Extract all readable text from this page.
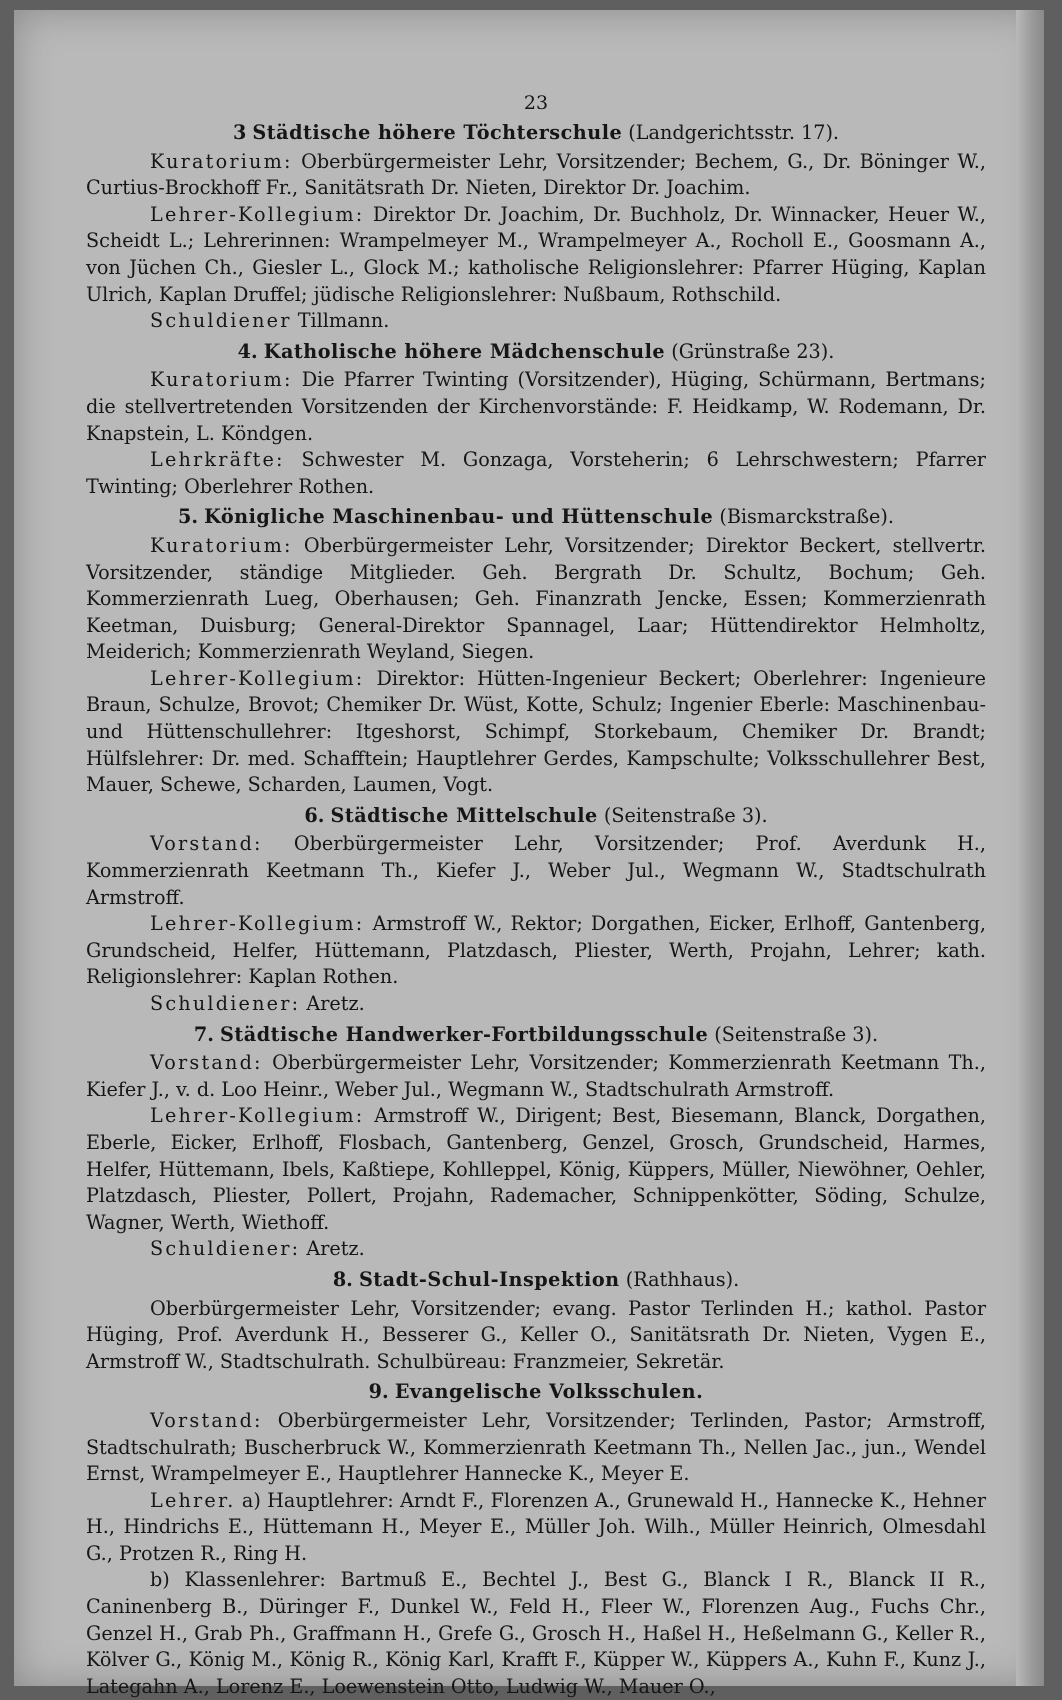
23
3 Städtische höhere Töchterschule (Landgerichtsstr. 17).

Kuratorium: Oberbürgermeister Lehr, Vorsitzender; Bechem, G., Dr. Böninger W., Curtius-Brockhoff Fr., Sanitätsrath Dr. Nieten, Direktor Dr. Joachim.

Lehrer-Kollegium: Direktor Dr. Joachim, Dr. Buchholz, Dr. Winnacker, Heuer W., Scheidt L.; Lehrerinnen: Wrampelmeyer M., Wrampelmeyer A., Rocholl E., Goosmann A., von Jüchen Ch., Giesler L., Glock M.; katholische Religionslehrer: Pfarrer Hüging, Kaplan Ulrich, Kaplan Druffel; jüdische Religionslehrer: Nußbaum, Rothschild.

Schuldiener Tillmann.

4. Katholische höhere Mädchenschule (Grünstraße 23).

Kuratorium: Die Pfarrer Twinting (Vorsitzender), Hüging, Schürmann, Bertmans; die stellvertretenden Vorsitzenden der Kirchenvorstände: F. Heidkamp, W. Rodemann, Dr. Knapstein, L. Köndgen.

Lehrkräfte: Schwester M. Gonzaga, Vorsteherin; 6 Lehrschwestern; Pfarrer Twinting; Oberlehrer Rothen.

5. Königliche Maschinenbau- und Hüttenschule (Bismarckstraße).

Kuratorium: Oberbürgermeister Lehr, Vorsitzender; Direktor Beckert, stellvertr. Vorsitzender, ständige Mitglieder. Geh. Bergrath Dr. Schultz, Bochum; Geh. Kommerzienrath Lueg, Oberhausen; Geh. Finanzrath Jencke, Essen; Kommerzienrath Keetman, Duisburg; General-Direktor Spannagel, Laar; Hüttendirektor Helmholtz, Meiderich; Kommerzienrath Weyland, Siegen.

Lehrer-Kollegium: Direktor: Hütten-Ingenieur Beckert; Oberlehrer: Ingenieure Braun, Schulze, Brovot; Chemiker Dr. Wüst, Kotte, Schulz; Ingenier Eberle: Maschinenbau- und Hüttenschullehrer: Itgeshorst, Schimpf, Storkebaum, Chemiker Dr. Brandt; Hülfslehrer: Dr. med. Schafftein; Hauptlehrer Gerdes, Kampschulte; Volksschullehrer Best, Mauer, Schewe, Scharden, Laumen, Vogt.

6. Städtische Mittelschule (Seitenstraße 3).

Vorstand: Oberbürgermeister Lehr, Vorsitzender; Prof. Averdunk H., Kommerzienrath Keetmann Th., Kiefer J., Weber Jul., Wegmann W., Stadtschulrath Armstroff.

Lehrer-Kollegium: Armstroff W., Rektor; Dorgathen, Eicker, Erlhoff, Gantenberg, Grundscheid, Helfer, Hüttemann, Platzdasch, Pliester, Werth, Projahn, Lehrer; kath. Religionslehrer: Kaplan Rothen.

Schuldiener: Aretz.

7. Städtische Handwerker-Fortbildungsschule (Seitenstraße 3).

Vorstand: Oberbürgermeister Lehr, Vorsitzender; Kommerzienrath Keetmann Th., Kiefer J., v. d. Loo Heinr., Weber Jul., Wegmann W., Stadtschulrath Armstroff.

Lehrer-Kollegium: Armstroff W., Dirigent; Best, Biesemann, Blanck, Dorgathen, Eberle, Eicker, Erlhoff, Flosbach, Gantenberg, Genzel, Grosch, Grundscheid, Harmes, Helfer, Hüttemann, Ibels, Kaßtiepe, Kohlleppel, König, Küppers, Müller, Niewöhner, Oehler, Platzdasch, Pliester, Pollert, Projahn, Rademacher, Schnippenkötter, Söding, Schulze, Wagner, Werth, Wiethoff.

Schuldiener: Aretz.

8. Stadt-Schul-Inspektion (Rathhaus).

Oberbürgermeister Lehr, Vorsitzender; evang. Pastor Terlinden H.; kathol. Pastor Hüging, Prof. Averdunk H., Besserer G., Keller O., Sanitätsrath Dr. Nieten, Vygen E., Armstroff W., Stadtschulrath. Schulbüreau: Franzmeier, Sekretär.

9. Evangelische Volksschulen.

Vorstand: Oberbürgermeister Lehr, Vorsitzender; Terlinden, Pastor; Armstroff, Stadtschulrath; Buscherbruck W., Kommerzienrath Keetmann Th., Nellen Jac., jun., Wendel Ernst, Wrampelmeyer E., Hauptlehrer Hannecke K., Meyer E.

Lehrer. a) Hauptlehrer: Arndt F., Florenzen A., Grunewald H., Hannecke K., Hehner H., Hindrichs E., Hüttemann H., Meyer E., Müller Joh. Wilh., Müller Heinrich, Olmesdahl G., Protzen R., Ring H.

b) Klassenlehrer: Bartmuß E., Bechtel J., Best G., Blanck I R., Blanck II R., Caninenberg B., Düringer F., Dunkel W., Feld H., Fleer W., Florenzen Aug., Fuchs Chr., Genzel H., Grab Ph., Graffmann H., Grefe G., Grosch H., Haßel H., Heßelmann G., Keller R., Kölver G., König M., König R., König Karl, Krafft F., Küpper W., Küppers A., Kuhn F., Kunz J., Lategahn A., Lorenz E., Loewenstein Otto, Ludwig W., Mauer O.,
